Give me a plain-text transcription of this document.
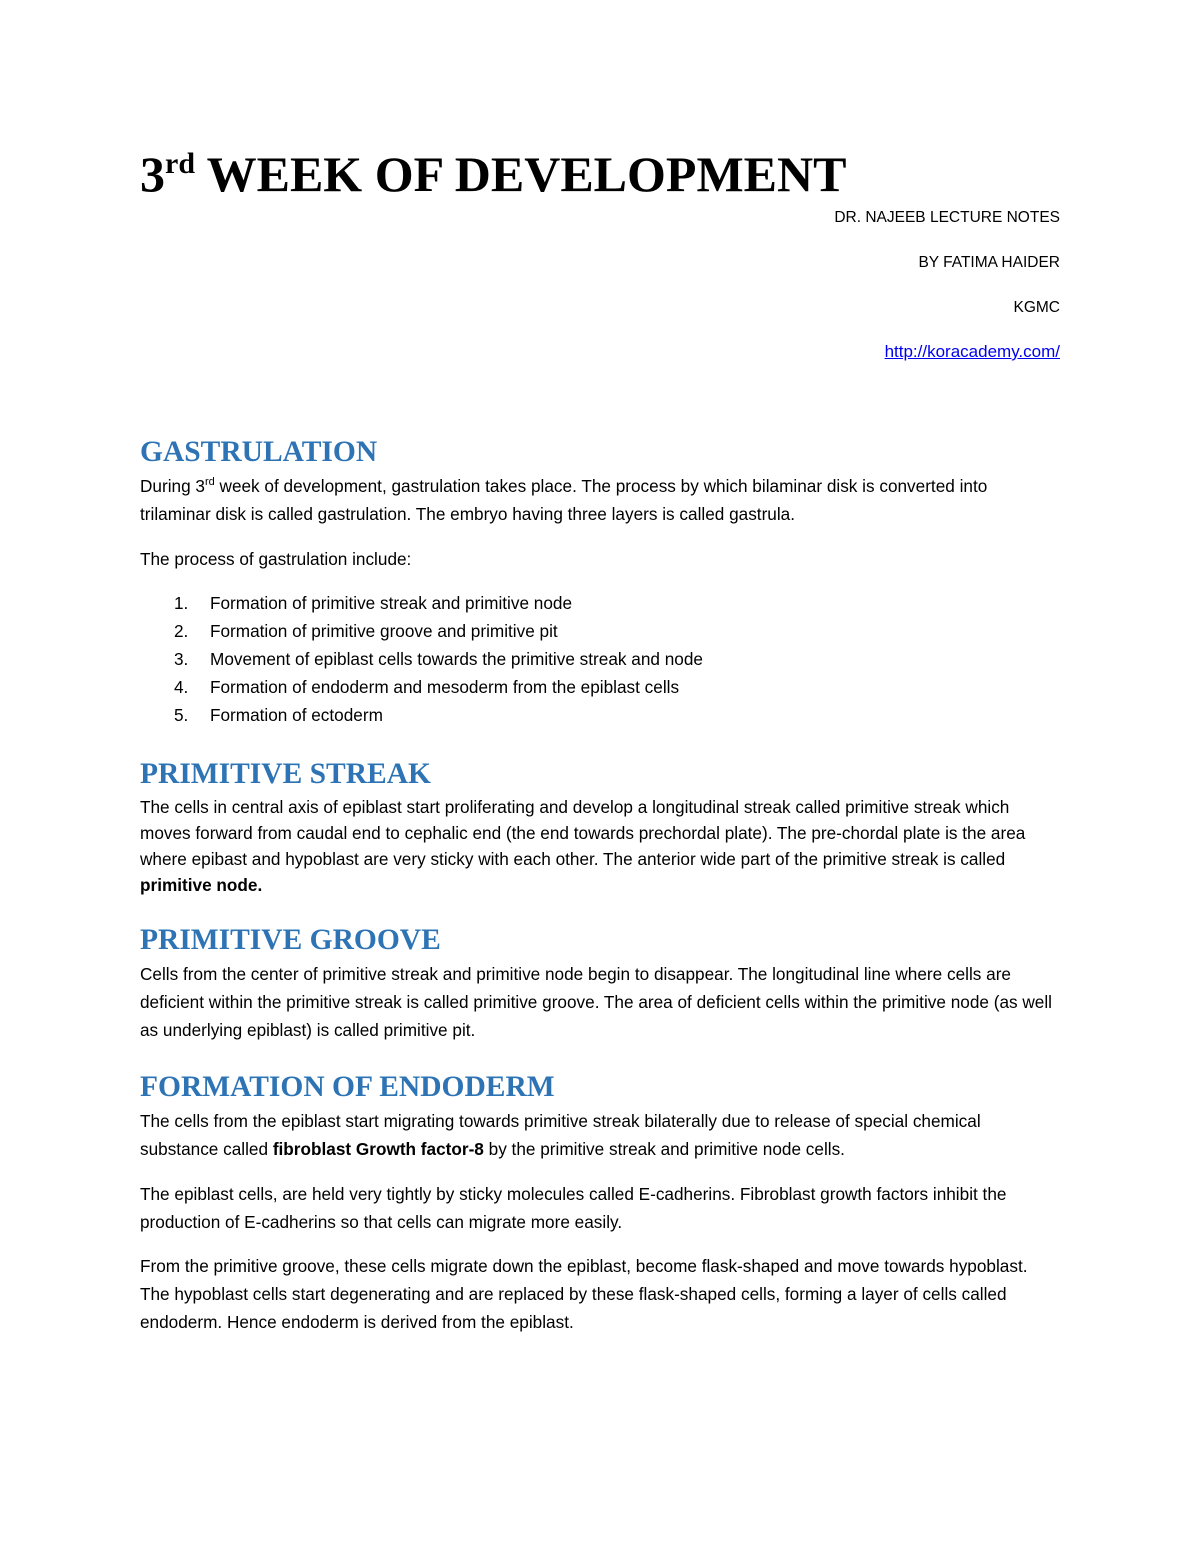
3rd WEEK OF DEVELOPMENT
DR. NAJEEB LECTURE NOTES
BY FATIMA HAIDER
KGMC
http://koracademy.com/
GASTRULATION

During 3rd week of development, gastrulation takes place. The process by which bilaminar disk is converted into trilaminar disk is called gastrulation. The embryo having three layers is called gastrula.

The process of gastrulation include:

1. Formation of primitive streak and primitive node
2. Formation of primitive groove and primitive pit
3. Movement of epiblast cells towards the primitive streak and node
4. Formation of endoderm and mesoderm from the epiblast cells
5. Formation of ectoderm
PRIMITIVE STREAK

The cells in central axis of epiblast start proliferating and develop a longitudinal streak called primitive streak which moves forward from caudal end to cephalic end (the end towards prechordal plate). The pre-chordal plate is the area where epibast and hypoblast are very sticky with each other. The anterior wide part of the primitive streak is called primitive node.

PRIMITIVE GROOVE

Cells from the center of primitive streak and primitive node begin to disappear. The longitudinal line where cells are deficient within the primitive streak is called primitive groove. The area of deficient cells within the primitive node (as well as underlying epiblast) is called primitive pit.

FORMATION OF ENDODERM

The cells from the epiblast start migrating towards primitive streak bilaterally due to release of special chemical substance called fibroblast Growth factor-8 by the primitive streak and primitive node cells.

The epiblast cells, are held very tightly by sticky molecules called E-cadherins. Fibroblast growth factors inhibit the production of E-cadherins so that cells can migrate more easily.

From the primitive groove, these cells migrate down the epiblast, become flask-shaped and move towards hypoblast. The hypoblast cells start degenerating and are replaced by these flask-shaped cells, forming a layer of cells called endoderm. Hence endoderm is derived from the epiblast.
